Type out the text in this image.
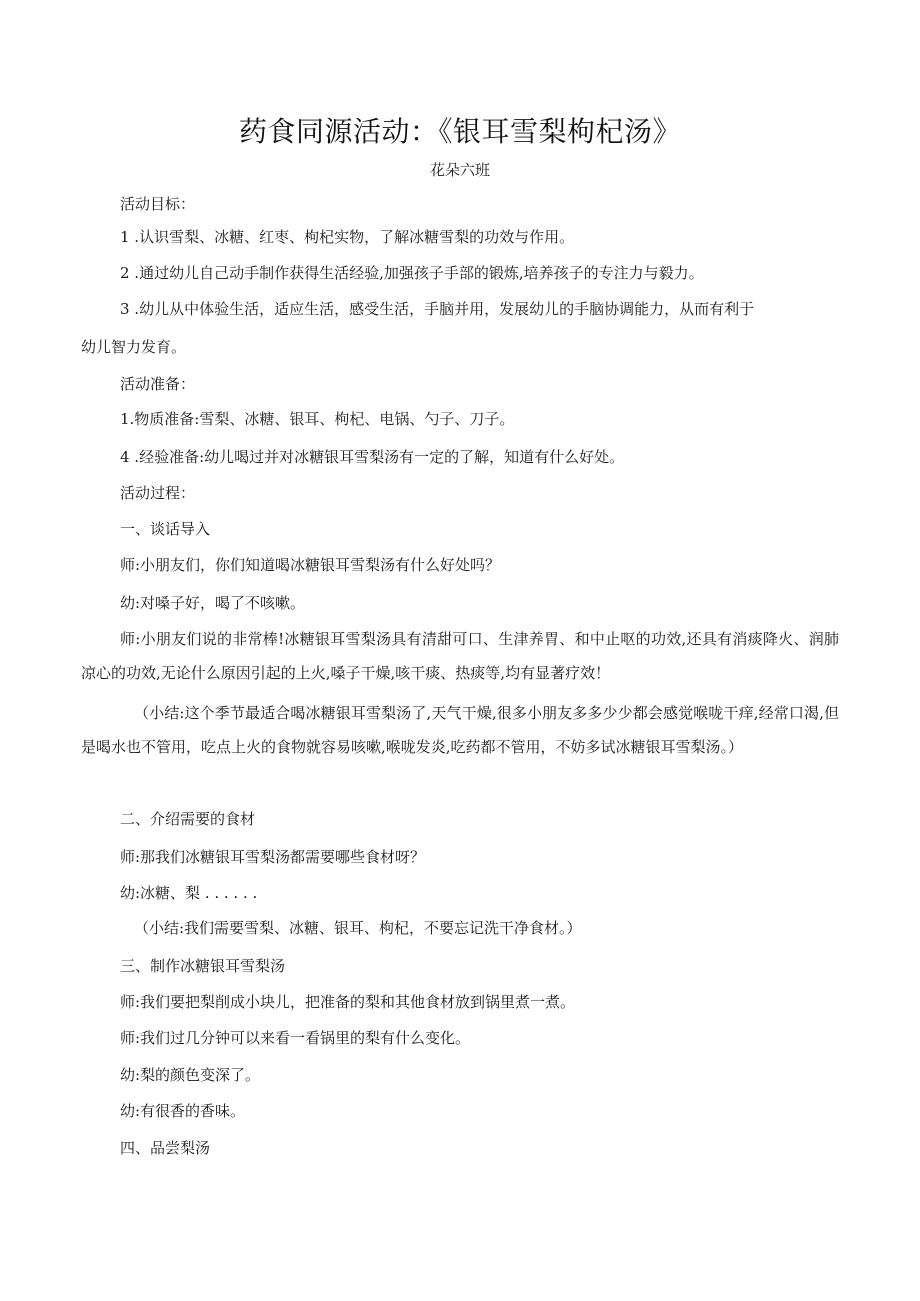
药食同源活动：《银耳雪梨枸杞汤》
花朵六班
活动目标：
1 .认识雪梨、冰糖、红枣、枸杞实物，了解冰糖雪梨的功效与作用。
2 .通过幼儿自己动手制作获得生活经验,加强孩子手部的锻炼,培养孩子的专注力与毅力。
3 .幼儿从中体验生活，适应生活，感受生活，手脑并用，发展幼儿的手脑协调能力，从而有利于
幼儿智力发育。
活动准备：
1.物质准备:雪梨、冰糖、银耳、枸杞、电锅、勺子、刀子。
4 .经验准备:幼儿喝过并对冰糖银耳雪梨汤有一定的了解，知道有什么好处。
活动过程：
一、谈话导入
师:小朋友们，你们知道喝冰糖银耳雪梨汤有什么好处吗？
幼:对嗓子好，喝了不咳嗽。
师:小朋友们说的非常棒!冰糖银耳雪梨汤具有清甜可口、生津养胃、和中止呕的功效,还具有消痰降火、润肺凉心的功效,无论什么原因引起的上火,嗓子干燥,咳干痰、热痰等,均有显著疗效！
（小结:这个季节最适合喝冰糖银耳雪梨汤了,天气干燥,很多小朋友多多少少都会感觉喉咙干痒,经常口渴,但是喝水也不管用，吃点上火的食物就容易咳嗽,喉咙发炎,吃药都不管用，不妨多试冰糖银耳雪梨汤。）
二、介绍需要的食材
师:那我们冰糖银耳雪梨汤都需要哪些食材呀？
幼:冰糖、梨 . . . . . .
（小结:我们需要雪梨、冰糖、银耳、枸杞，不要忘记洗干净食材。）
三、制作冰糖银耳雪梨汤
师:我们要把梨削成小块儿，把准备的梨和其他食材放到锅里煮一煮。
师:我们过几分钟可以来看一看锅里的梨有什么变化。
幼:梨的颜色变深了。
幼:有很香的香味。
四、品尝梨汤
